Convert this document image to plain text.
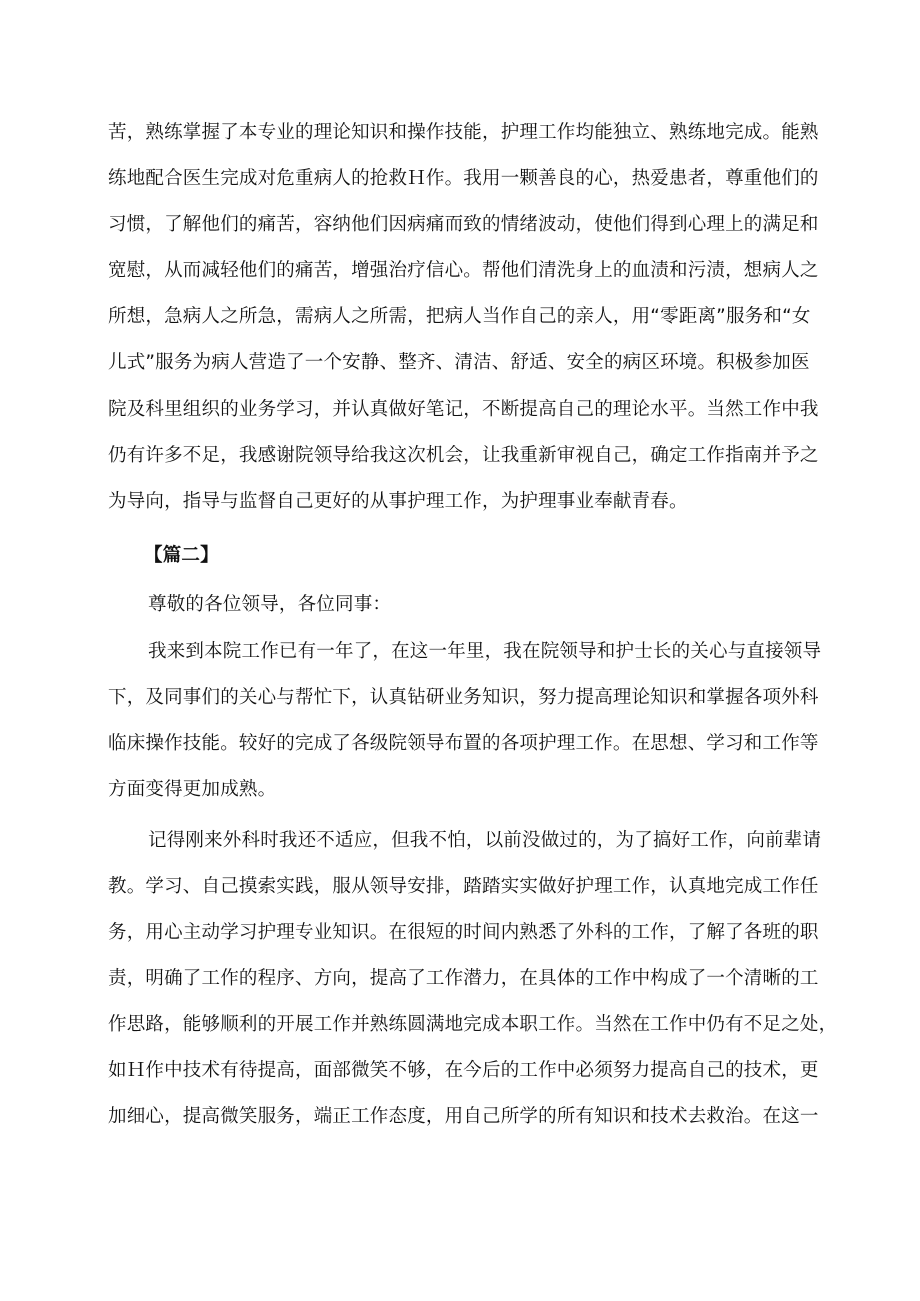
苦，熟练掌握了本专业的理论知识和操作技能，护理工作均能独立、熟练地完成。能熟
练地配合医生完成对危重病人的抢救Ｈ作。我用一颗善良的心，热爱患者，尊重他们的
习惯，了解他们的痛苦，容纳他们因病痛而致的情绪波动，使他们得到心理上的满足和
宽慰，从而减轻他们的痛苦，增强治疗信心。帮他们清洗身上的血渍和污渍，想病人之
所想，急病人之所急，需病人之所需，把病人当作自己的亲人，用“零距离”服务和“女
儿式”服务为病人营造了一个安静、整齐、清洁、舒适、安全的病区环境。积极参加医
院及科里组织的业务学习，并认真做好笔记，不断提高自己的理论水平。当然工作中我
仍有许多不足，我感谢院领导给我这次机会，让我重新审视自己，确定工作指南并予之
为导向，指导与监督自己更好的从事护理工作，为护理事业奉献青春。
【篇二】
尊敬的各位领导，各位同事：
我来到本院工作已有一年了，在这一年里，我在院领导和护士长的关心与直接领导
下，及同事们的关心与帮忙下，认真钻研业务知识，努力提高理论知识和掌握各项外科
临床操作技能。较好的完成了各级院领导布置的各项护理工作。在思想、学习和工作等
方面变得更加成熟。
记得刚来外科时我还不适应，但我不怕，以前没做过的，为了搞好工作，向前辈请
教。学习、自己摸索实践，服从领导安排，踏踏实实做好护理工作，认真地完成工作任
务，用心主动学习护理专业知识。在很短的时间内熟悉了外科的工作，了解了各班的职
责，明确了工作的程序、方向，提高了工作潜力，在具体的工作中构成了一个清晰的工
作思路，能够顺利的开展工作并熟练圆满地完成本职工作。当然在工作中仍有不足之处，
如Ｈ作中技术有待提高，面部微笑不够，在今后的工作中必须努力提高自己的技术，更
加细心，提高微笑服务，端正工作态度，用自己所学的所有知识和技术去救治。在这一
